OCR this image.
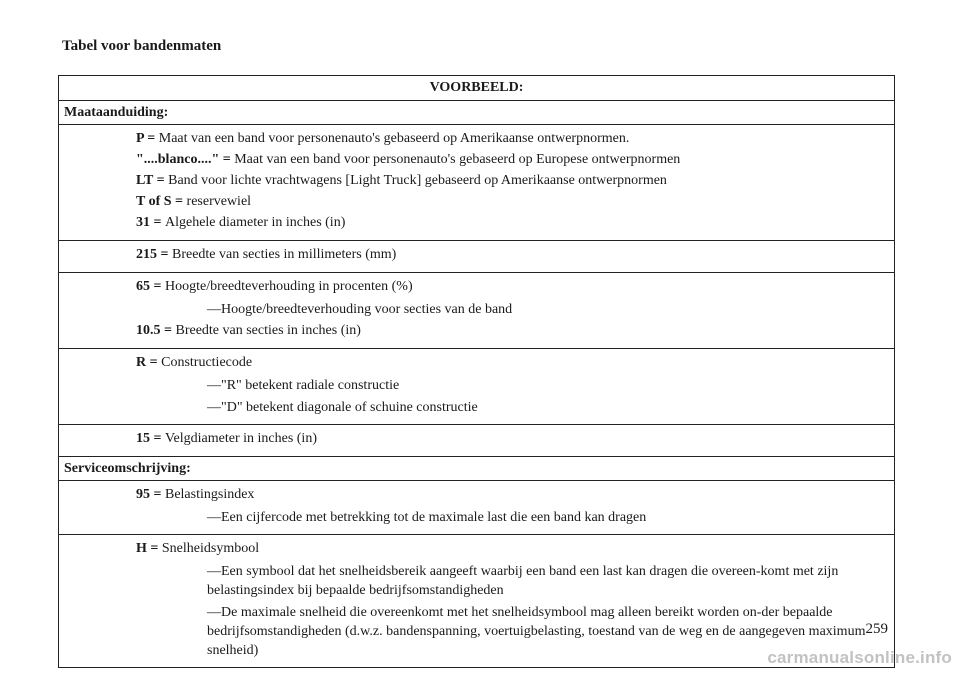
Tabel voor bandenmaten
VOORBEELD:
Maataanduiding:
P = Maat van een band voor personenauto's gebaseerd op Amerikaanse ontwerpnormen.
"....blanco...." = Maat van een band voor personenauto's gebaseerd op Europese ontwerpnormen
LT = Band voor lichte vrachtwagens [Light Truck] gebaseerd op Amerikaanse ontwerpnormen
T of S = reservewiel
31 = Algehele diameter in inches (in)
215 = Breedte van secties in millimeters (mm)
65 = Hoogte/breedteverhouding in procenten (%)
—Hoogte/breedteverhouding voor secties van de band
10.5 = Breedte van secties in inches (in)
R = Constructiecode
—"R" betekent radiale constructie
—"D" betekent diagonale of schuine constructie
15 = Velgdiameter in inches (in)
Serviceomschrijving:
95 = Belastingsindex
—Een cijfercode met betrekking tot de maximale last die een band kan dragen
H = Snelheidsymbool
—Een symbool dat het snelheidsbereik aangeeft waarbij een band een last kan dragen die overeen-komt met zijn belastingsindex bij bepaalde bedrijfsomstandigheden
—De maximale snelheid die overeenkomt met het snelheidsymbool mag alleen bereikt worden on-der bepaalde bedrijfsomstandigheden (d.w.z. bandenspanning, voertuigbelasting, toestand van de weg en de aangegeven maximum snelheid)
259
carmanualsonline.info
